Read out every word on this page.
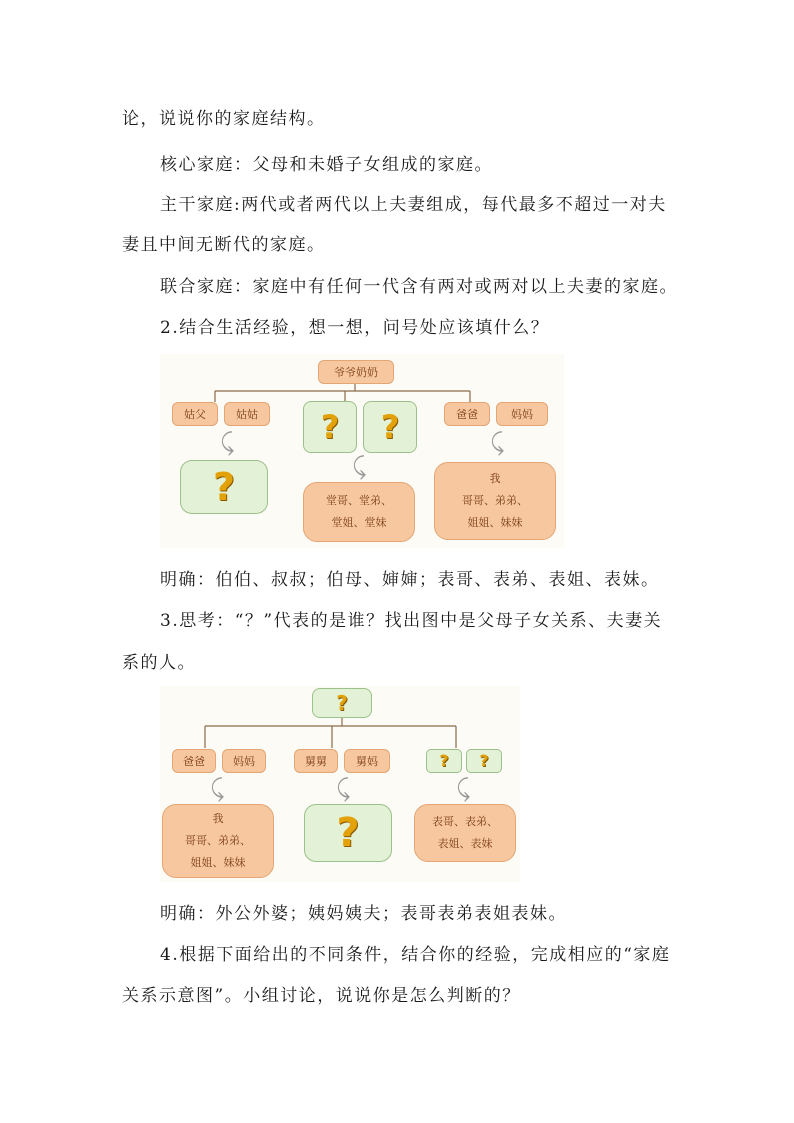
论，说说你的家庭结构。
核心家庭：父母和未婚子女组成的家庭。
主干家庭:两代或者两代以上夫妻组成，每代最多不超过一对夫
妻且中间无断代的家庭。
联合家庭：家庭中有任何一代含有两对或两对以上夫妻的家庭。
2.结合生活经验，想一想，问号处应该填什么？
爷爷奶奶
姑父	姑姑	? ?	爸爸	妈妈
⤹
⤹
⤹
?	堂哥、堂弟、
堂姐、堂妹
我
哥哥、弟弟、
姐姐、妹妹
明确：伯伯、叔叔；伯母、婶婶；表哥、表弟、表姐、表妹。
3.思考：“？”代表的是谁？找出图中是父母子女关系、夫妻关
系的人。
?
爸爸	妈妈	舅舅	舅妈	? ?
⤹	⤹	⤹
我
哥哥、弟弟、
姐姐、妹妹
?	表哥、表弟、
表姐、表妹
明确：外公外婆；姨妈姨夫；表哥表弟表姐表妹。
4.根据下面给出的不同条件，结合你的经验，完成相应的“家庭
关系示意图”。小组讨论，说说你是怎么判断的？
